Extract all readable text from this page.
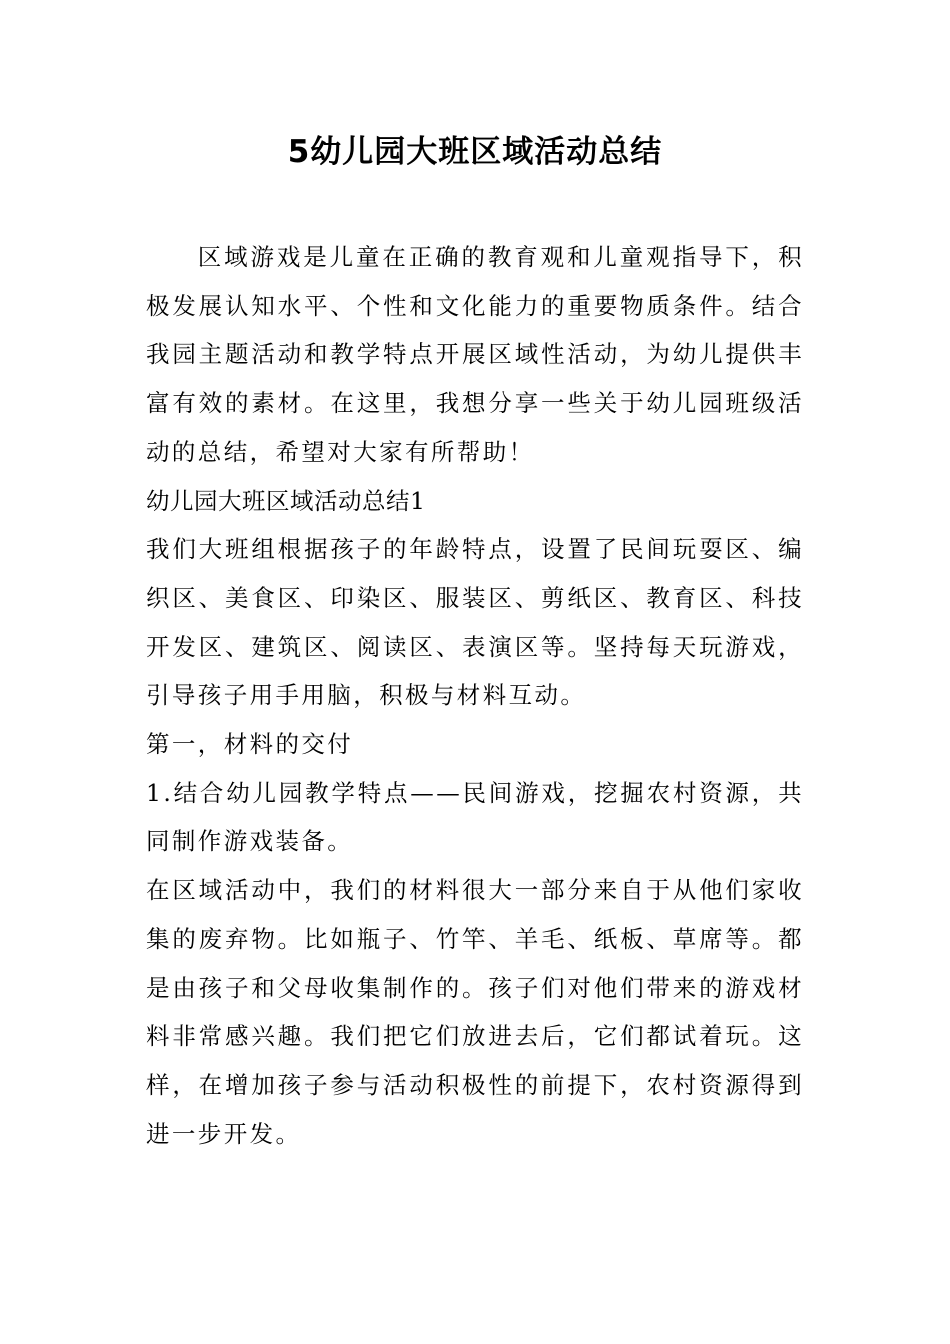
5幼儿园大班区域活动总结

区域游戏是儿童在正确的教育观和儿童观指导下，积极发展认知水平、个性和文化能力的重要物质条件。结合我园主题活动和教学特点开展区域性活动，为幼儿提供丰富有效的素材。在这里，我想分享一些关于幼儿园班级活动的总结，希望对大家有所帮助！

幼儿园大班区域活动总结1

我们大班组根据孩子的年龄特点，设置了民间玩耍区、编织区、美食区、印染区、服装区、剪纸区、教育区、科技开发区、建筑区、阅读区、表演区等。坚持每天玩游戏，引导孩子用手用脑，积极与材料互动。

第一，材料的交付

1.结合幼儿园教学特点——民间游戏，挖掘农村资源，共同制作游戏装备。

在区域活动中，我们的材料很大一部分来自于从他们家收集的废弃物。比如瓶子、竹竿、羊毛、纸板、草席等。都是由孩子和父母收集制作的。孩子们对他们带来的游戏材料非常感兴趣。我们把它们放进去后，它们都试着玩。这样，在增加孩子参与活动积极性的前提下，农村资源得到进一步开发。
